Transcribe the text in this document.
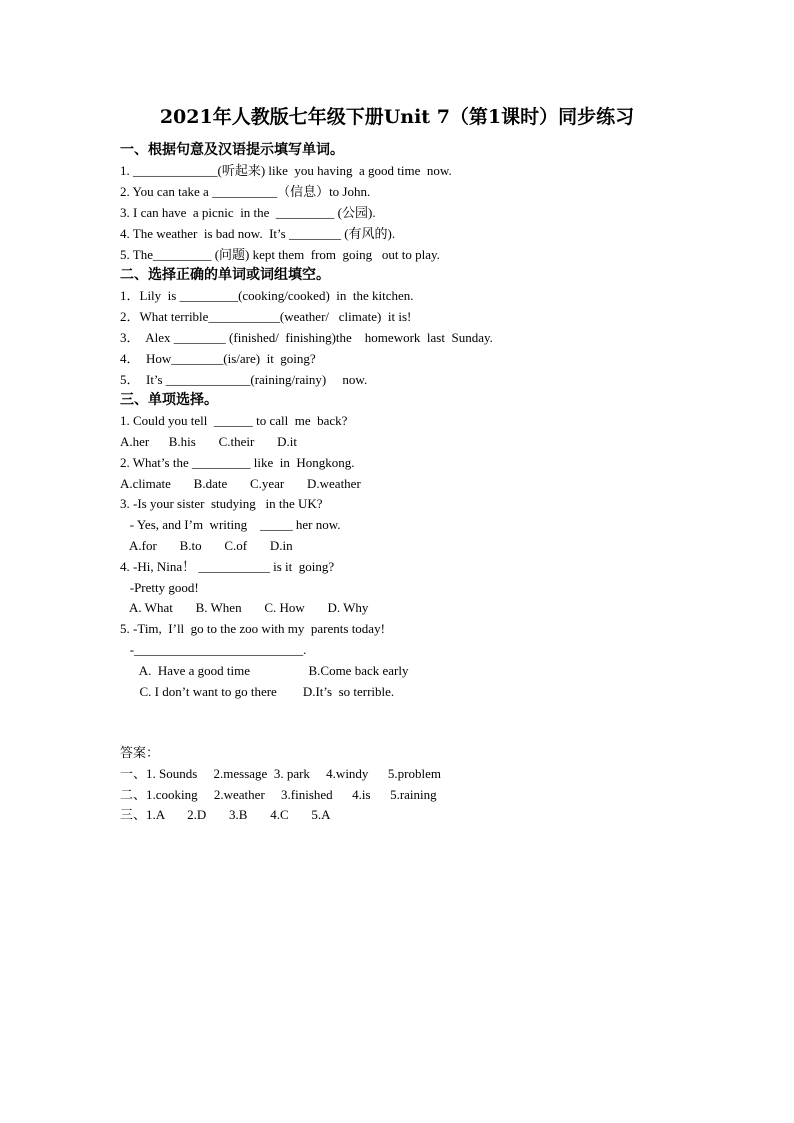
2021年人教版七年级下册Unit 7（第1课时）同步练习
一、根据句意及汉语提示填写单词。
1. _____________(听起来) like  you having  a good time  now.
2. You can take a __________（信息）to John.
3. I can have  a picnic  in the  _________ (公园).
4. The weather  is bad now.  It’s ________ (有风的).
5. The_________ (问题) kept them  from  going   out to play.
二、选择正确的单词或词组填空。
1．Lily  is _________(cooking/cooked)  in  the kitchen.
2．What terrible___________(weather/   climate)  it is!
3．  Alex ________ (finished/  finishing)the    homework  last  Sunday.
4．  How________(is/are)  it  going?
5．  It’s _____________(raining/rainy)     now.
三、单项选择。
1. Could you tell  ______ to call  me  back?
A.her      B.his       C.their       D.it
2. What’s the _________ like  in  Hongkong.
A.climate       B.date       C.year       D.weather
3. -Is your sister  studying   in the UK?
- Yes, and I’m  writing    _____ her now.
A.for       B.to       C.of       D.in
4. -Hi, Nina！ ___________ is it  going?
-Pretty good!
A. What       B. When       C. How       D. Why
5. -Tim,  I’ll  go to the zoo with my  parents today!
-__________________________.
A.  Have a good time                  B.Come back early
C. I don’t want to go there        D.It’s  so terrible.
答案：
一、1. Sounds     2.message  3. park     4.windy      5.problem
二、1.cooking     2.weather     3.finished      4.is      5.raining
三、1.A       2.D       3.B       4.C       5.A
